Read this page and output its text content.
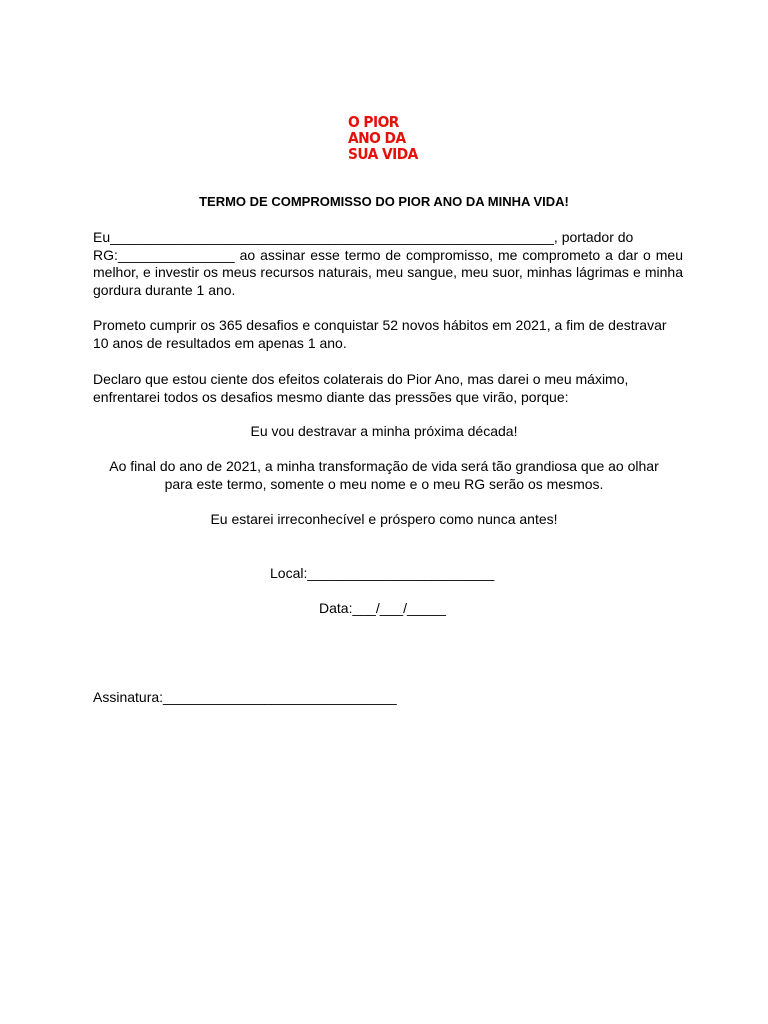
O PIOR
ANO DA
SUA VIDA
TERMO DE COMPROMISSO DO PIOR ANO DA MINHA VIDA!

Eu_________________________________________________________, portador do
RG:_______________ ao assinar esse termo de compromisso, me comprometo a dar o meu melhor, e investir os meus recursos naturais, meu sangue, meu suor, minhas lágrimas e minha gordura durante 1 ano.

Prometo cumprir os 365 desafios e conquistar 52 novos hábitos em 2021, a fim de destravar 10 anos de resultados em apenas 1 ano.

Declaro que estou ciente dos efeitos colaterais do Pior Ano, mas darei o meu máximo, enfrentarei todos os desafios mesmo diante das pressões que virão, porque:

Eu vou destravar a minha próxima década!

Ao final do ano de 2021, a minha transformação de vida será tão grandiosa que ao olhar
para este termo, somente o meu nome e o meu RG serão os mesmos.

Eu estarei irreconhecível e próspero como nunca antes!

Local:________________________
Data:___/___/_____
Assinatura:______________________________
